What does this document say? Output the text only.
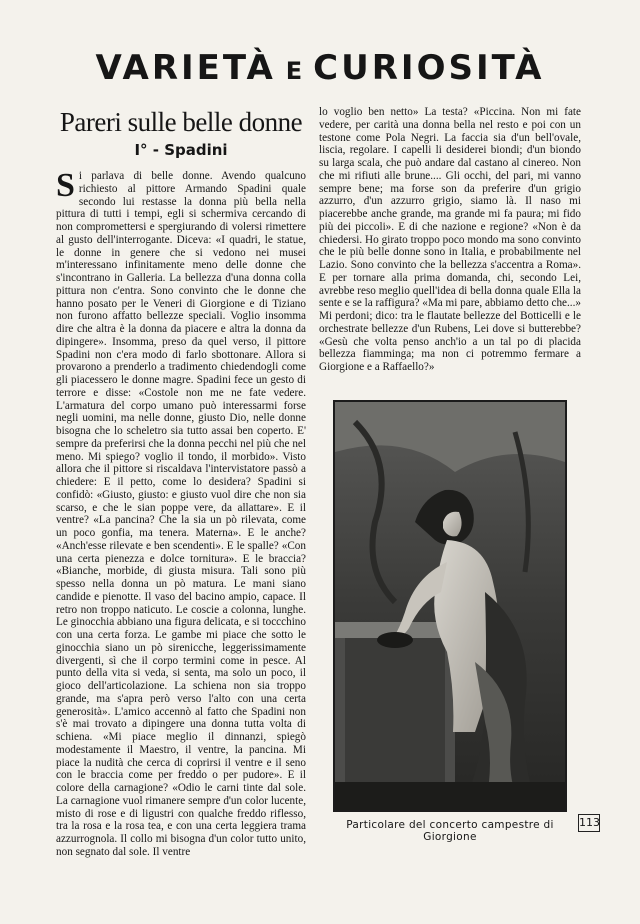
VARIETÀ E CURIOSITÀ
Pareri sulle belle donne
I° - Spadini

Si parlava di belle donne. Avendo qualcuno richiesto al pittore Armando Spadini quale secondo lui restasse la donna più bella nella pittura di tutti i tempi, egli si schermiva cercando di non compromettersi e spergiurando di volersi rimettere al gusto dell'interrogante. Diceva: «I quadri, le statue, le donne in genere che si vedono nei musei m'interessano infinitamente meno delle donne che s'incontrano in Galleria. La bellezza d'una donna colla pittura non c'entra. Sono convinto che le donne che hanno posato per le Veneri di Giorgione e di Tiziano non furono affatto bellezze speciali. Voglio insomma dire che altra è la donna da piacere e altra la donna da dipingere». Insomma, preso da quel verso, il pittore Spadini non c'era modo di farlo sbottonare. Allora si provarono a prenderlo a tradimento chiedendogli come gli piacessero le donne magre. Spadini fece un gesto di terrore e disse: «Costole non me ne fate vedere. L'armatura del corpo umano può interessarmi forse negli uomini, ma nelle donne, giusto Dio, nelle donne bisogna che lo scheletro sia tutto assai ben coperto. E' sempre da preferirsi che la donna pecchi nel più che nel meno. Mi spiego? voglio il tondo, il morbido». Visto allora che il pittore si riscaldava l'intervistatore passò a chiedere: E il petto, come lo desidera? Spadini si confidò: «Giusto, giusto: e giusto vuol dire che non sia scarso, e che le sian poppe vere, da allattare». E il ventre? «La pancina? Che la sia un pò rilevata, come un poco gonfia, ma tenera. Materna». E le anche? «Anch'esse rilevate e ben scendenti». E le spalle? «Con una certa pienezza e dolce tornitura». E le braccia? «Bianche, morbide, di giusta misura. Tali sono più spesso nella donna un pò matura. Le mani siano candide e pienotte. Il vaso del bacino ampio, capace. Il retro non troppo naticuto. Le coscie a colonna, lunghe. Le ginocchia abbiano una figura delicata, e si toccchino con una certa forza. Le gambe mi piace che sotto le ginocchia siano un pò sirenicche, leggerissimamente divergenti, sì che il corpo termini come in pesce. Al punto della vita si veda, si senta, ma solo un poco, il gioco dell'articolazione. La schiena non sia troppo grande, ma s'apra però verso l'alto con una certa generosità». L'amico accennò al fatto che Spadini non s'è mai trovato a dipingere una donna tutta volta di schiena. «Mi piace meglio il dinnanzi, spiegò modestamente il Maestro, il ventre, la pancina. Mi piace la nudità che cerca di coprirsi il ventre e il seno con le braccia come per freddo o per pudore». E il colore della carnagione? «Odio le carni tinte dal sole. La carnagione vuol rimanere sempre d'un color lucente, misto di rose e di ligustri con qualche freddo riflesso, tra la rosa e la rosa tea, e con una certa leggiera trama azzurrognola. Il collo mi bisogna d'un color tutto unito, non segnato dal sole. Il ventre

lo voglio ben netto» La testa? «Piccina. Non mi fate vedere, per carità una donna bella nel resto e poi con un testone come Pola Negri. La faccia sia d'un bell'ovale, liscia, regolare. I capelli li desiderei biondi; d'un biondo su larga scala, che può andare dal castano al cinereo. Non che mi rifiuti alle brune.... Gli occhi, del pari, mi vanno sempre bene; ma forse son da preferire d'un grigio azzurro, d'un azzurro grigio, siamo là. Il naso mi piacerebbe anche grande, ma grande mi fa paura; mi fido più dei piccoli». E di che nazione e regione? «Non è da chiedersi. Ho girato troppo poco mondo ma sono convinto che le più belle donne sono in Italia, e probabilmente nel Lazio. Sono convinto che la bellezza s'accentra a Roma». E per tornare alla prima domanda, chi, secondo Lei, avrebbe reso meglio quell'idea di bella donna quale Ella la sente e se la raffigura? «Ma mi pare, abbiamo detto che...» Mi perdoni; dico: tra le flautate bellezze del Botticelli e le orchestrate bellezze d'un Rubens, Lei dove si butterebbe? «Gesù che volta penso anch'io a un tal po di placida bellezza fiamminga; ma non ci potremmo fermare a Giorgione e a Raffaello?»

Particolare del concerto campestre di Giorgione
113
